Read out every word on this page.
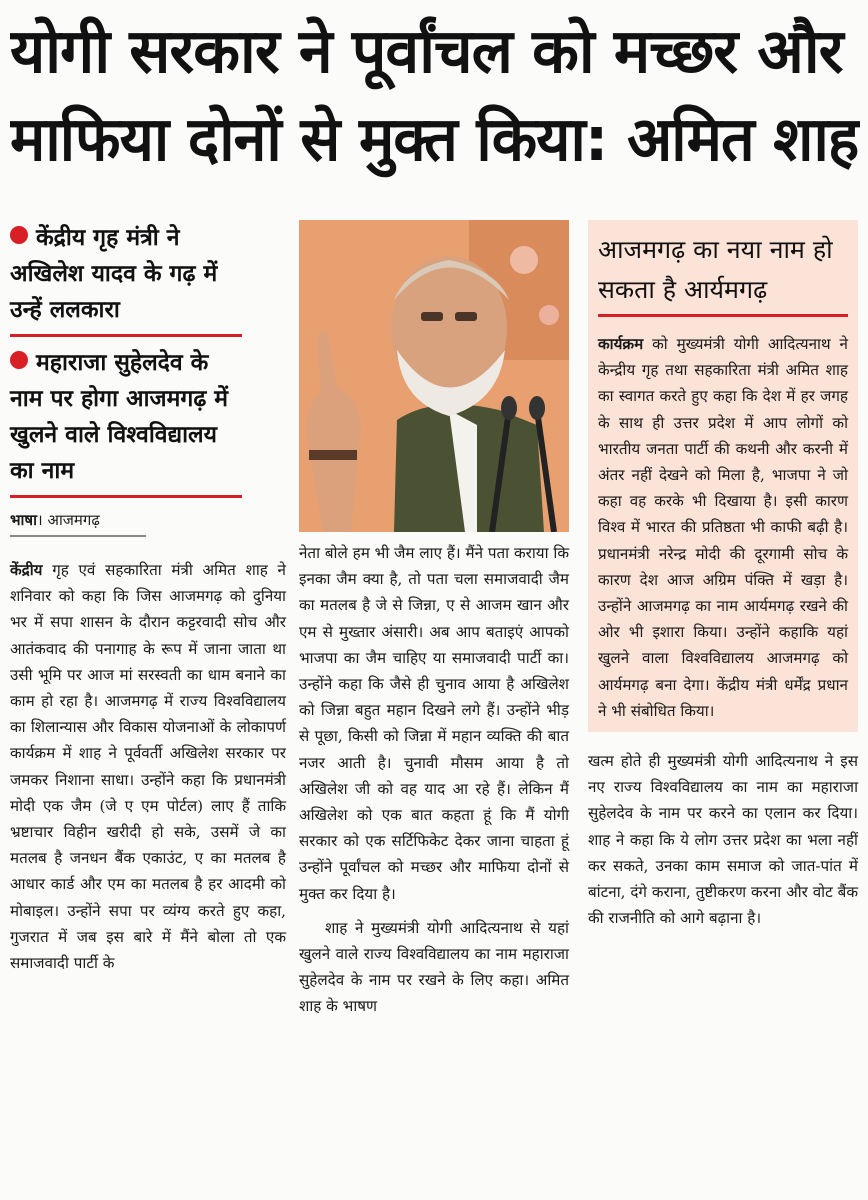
योगी सरकार ने पूर्वांचल को मच्छर और
माफिया दोनों से मुक्त किया: अमित शाह
केंद्रीय गृह मंत्री ने अखिलेश यादव के गढ़ में उन्हें ललकारा
महाराजा सुहेलदेव के नाम पर होगा आजमगढ़ में खुलने वाले विश्वविद्यालय का नाम
भाषा। आजमगढ़

केंद्रीय गृह एवं सहकारिता मंत्री अमित शाह ने शनिवार को कहा कि जिस आजमगढ़ को दुनिया भर में सपा शासन के दौरान कट्टरवादी सोच और आतंकवाद की पनागाह के रूप में जाना जाता था उसी भूमि पर आज मां सरस्वती का धाम बनाने का काम हो रहा है। आजमगढ़ में राज्य विश्वविद्यालय का शिलान्यास और विकास योजनाओं के लोकापर्ण कार्यक्रम में शाह ने पूर्ववर्ती अखिलेश सरकार पर जमकर निशाना साधा। उन्होंने कहा कि प्रधानमंत्री मोदी एक जैम (जे ए एम पोर्टल) लाए हैं ताकि भ्रष्टाचार विहीन खरीदी हो सके, उसमें जे का मतलब है जनधन बैंक एकाउंट, ए का मतलब है आधार कार्ड और एम का मतलब है हर आदमी को मोबाइल। उन्होंने सपा पर व्यंग्य करते हुए कहा, गुजरात में जब इस बारे में मैंने बोला तो एक समाजवादी पार्टी के

नेता बोले हम भी जैम लाए हैं। मैंने पता कराया कि इनका जैम क्या है, तो पता चला समाजवादी जैम का मतलब है जे से जिन्ना, ए से आजम खान और एम से मुख्तार अंसारी। अब आप बताइएं आपको भाजपा का जैम चाहिए या समाजवादी पार्टी का। उन्होंने कहा कि जैसे ही चुनाव आया है अखिलेश को जिन्ना बहुत महान दिखने लगे हैं। उन्होंने भीड़ से पूछा, किसी को जिन्ना में महान व्यक्ति की बात नजर आती है। चुनावी मौसम आया है तो अखिलेश जी को वह याद आ रहे हैं। लेकिन मैं अखिलेश को एक बात कहता हूं कि मैं योगी सरकार को एक सर्टिफिकेट देकर जाना चाहता हूं उन्होंने पूर्वांचल को मच्छर और माफिया दोनों से मुक्त कर दिया है।

शाह ने मुख्यमंत्री योगी आदित्यनाथ से यहां खुलने वाले राज्य विश्वविद्यालय का नाम महाराजा सुहेलदेव के नाम पर रखने के लिए कहा। अमित शाह के भाषण

आजमगढ़ का नया नाम हो सकता है आर्यमगढ़

कार्यक्रम को मुख्यमंत्री योगी आदित्यनाथ ने केन्द्रीय गृह तथा सहकारिता मंत्री अमित शाह का स्वागत करते हुए कहा कि देश में हर जगह के साथ ही उत्तर प्रदेश में आप लोगों को भारतीय जनता पार्टी की कथनी और करनी में अंतर नहीं देखने को मिला है, भाजपा ने जो कहा वह करके भी दिखाया है। इसी कारण विश्व में भारत की प्रतिष्ठता भी काफी बढ़ी है। प्रधानमंत्री नरेन्द्र मोदी की दूरगामी सोच के कारण देश आज अग्रिम पंक्ति में खड़ा है। उन्होंने आजमगढ़ का नाम आर्यमगढ़ रखने की ओर भी इशारा किया। उन्होंने कहाकि यहां खुलने वाला विश्वविद्यालय आजमगढ़ को आर्यमगढ़ बना देगा। केंद्रीय मंत्री धर्मेंद्र प्रधान ने भी संबोधित किया।

खत्म होते ही मुख्यमंत्री योगी आदित्यनाथ ने इस नए राज्य विश्वविद्यालय का नाम का महाराजा सुहेलदेव के नाम पर करने का एलान कर दिया। शाह ने कहा कि ये लोग उत्तर प्रदेश का भला नहीं कर सकते, उनका काम समाज को जात-पांत में बांटना, दंगे कराना, तुष्टीकरण करना और वोट बैंक की राजनीति को आगे बढ़ाना है।
